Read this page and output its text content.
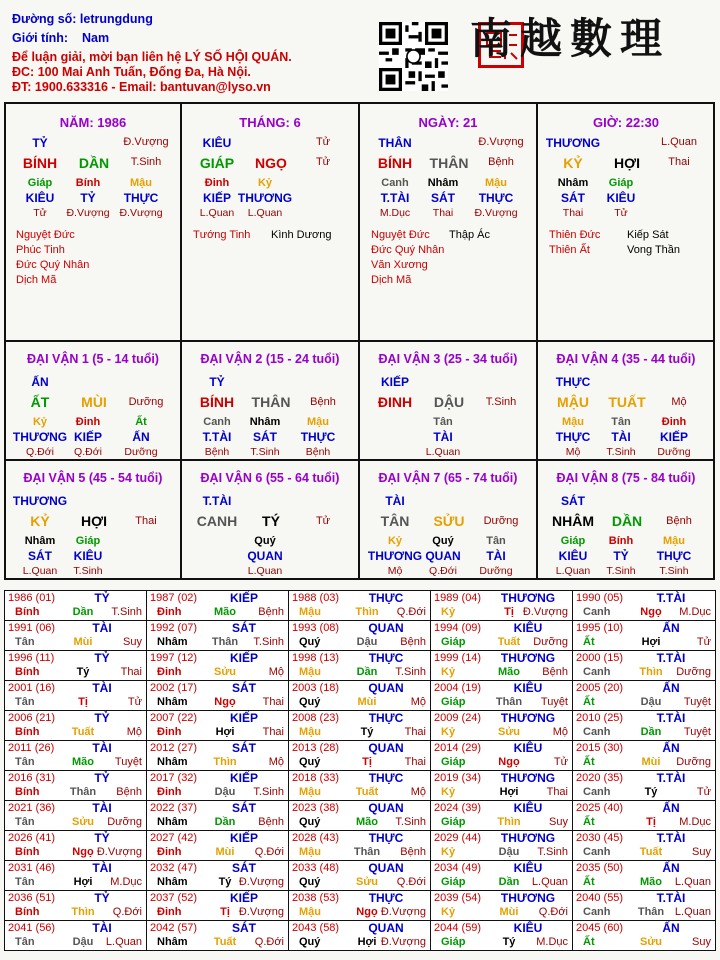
Đường số: letrungdung
Giới tính: Nam
Để luận giải, mời bạn liên hệ LÝ SỐ HỘI QUÁN.
ĐC: 100 Mai Anh Tuấn, Đống Đa, Hà Nội.
ĐT: 1900.633316 - Email: bantuvan@lyso.vn
南越數理
NĂM: 1986
TỶ	Đ.Vượng
BÍNH	DẦN	T.Sinh
Giáp	Bính	Mậu
KIÊU	TỶ	THỰC
Tử	Đ.Vượng Đ.Vượng
Nguyệt Đức
Phúc Tinh
Đức Quý Nhân
Dịch Mã
THÁNG: 6
KIÊU	Tử
GIÁP	NGỌ	Tử
Đinh	Kỷ
KIẾP THƯƠNG
L.Quan	L.Quan
Tướng Tinh Kình Dương
NGÀY: 21
THÂN	Đ.Vượng
BÍNH	THÂN	Bệnh
Canh	Nhâm	Mậu
T.TÀI	SÁT	THỰC
M.Dục	Thai	Đ.Vượng
Nguyệt Đức
Đức Quý Nhân
Văn Xương
Dịch Mã
Thập Ác
GIỜ: 22:30
THƯƠNG	L.Quan
KỶ	HỢI	Thai
Nhâm	Giáp
SÁT	KIÊU
Thai	Tử
Thiên Đức
Thiên Ất
Kiếp Sát
Vong Thần
ĐẠI VẬN 1 (5 - 14 tuổi)
ẤN
ẤT	MÙI	Dưỡng
Kỷ	Đinh	Ất
THƯƠNG KIẾP	ẤN
Q.Đới	Q.Đới	Dưỡng
ĐẠI VẬN 2 (15 - 24 tuổi)
TỶ
BÍNH	THÂN	Bệnh
Canh	Nhâm	Mậu
T.TÀI	SÁT	THỰC
Bệnh	T.Sinh	Bệnh
ĐẠI VẬN 3 (25 - 34 tuổi)
KIẾP
ĐINH	DẬU	T.Sinh
Tân
TÀI
L.Quan
ĐẠI VẬN 4 (35 - 44 tuổi)
THỰC
MẬU	TUẤT	Mộ
Mậu	Tân	Đinh
THỰC	TÀI	KIẾP
Mộ	T.Sinh	Dưỡng
ĐẠI VẬN 5 (45 - 54 tuổi)
THƯƠNG
KỶ	HỢI	Thai
Nhâm	Giáp
SÁT	KIÊU
L.Quan	T.Sinh
ĐẠI VẬN 6 (55 - 64 tuổi)
T.TÀI
CANH	TÝ	Tử
Quý
QUAN
L.Quan
ĐẠI VẬN 7 (65 - 74 tuổi)
TÀI
TÂN	SỬU	Dưỡng
Kỷ	Quý	Tân
THƯƠNG QUAN	TÀI
Mộ	Q.Đới	Dưỡng
ĐẠI VẬN 8 (75 - 84 tuổi)
SÁT
NHÂM	DẦN	Bệnh
Giáp	Bính	Mậu
KIÊU	TỶ	THỰC
L.Quan	T.Sinh	T.Sinh
1986 (01)	TỶ
Bính	Dần	T.Sinh
1987 (02)	KIẾP
Đinh	Mão	Bệnh
1988 (03)	THỰC
Mậu	Thìn	Q.Đới
1989 (04)	THƯƠNG
Kỷ	Tị Đ.Vượng
1990 (05)	T.TÀI
Canh	Ngọ	M.Dục
1991 (06)	TÀI
Tân	Mùi	Suy
1992 (07)	SÁT
Nhâm	Thân	T.Sinh
1993 (08)	QUAN
Quý	Dậu	Bệnh
1994 (09)	KIÊU
Giáp	Tuất	Dưỡng
1995 (10)	ẤN
Ất	Hợi	Tử
1996 (11)	TỶ
Bính	Tý	Thai
1997 (12)	KIẾP
Đinh	Sửu	Mộ
1998 (13)	THỰC
Mậu	Dần	T.Sinh
1999 (14)	THƯƠNG
Kỷ	Mão	Bệnh
2000 (15)	T.TÀI
Canh	Thìn	Dưỡng
2001 (16)	TÀI
Tân	Tị	Tử
2002 (17)	SÁT
Nhâm	Ngọ	Thai
2003 (18)	QUAN
Quý	Mùi	Mộ
2004 (19)	KIÊU
Giáp	Thân	Tuyệt
2005 (20)	ẤN
Ất	Dậu	Tuyệt
2006 (21)	TỶ
Bính	Tuất	Mộ
2007 (22)	KIẾP
Đinh	Hợi	Thai
2008 (23)	THỰC
Mậu	Tý	Thai
2009 (24)	THƯƠNG
Kỷ	Sửu	Mộ
2010 (25)	T.TÀI
Canh	Dần	Tuyệt
2011 (26)	TÀI
Tân	Mão	Tuyệt
2012 (27)	SÁT
Nhâm	Thìn	Mộ
2013 (28)	QUAN
Quý	Tị	Thai
2014 (29)	KIÊU
Giáp	Ngọ	Tử
2015 (30)	ẤN
Ất	Mùi	Dưỡng
2016 (31)	TỶ
Bính	Thân	Bệnh
2017 (32)	KIẾP
Đinh	Dậu	T.Sinh
2018 (33)	THỰC
Mậu	Tuất	Mộ
2019 (34)	THƯƠNG
Kỷ	Hợi	Thai
2020 (35)	T.TÀI
Canh	Tý	Tử
2021 (36)	TÀI
Tân	Sửu	Dưỡng
2022 (37)	SÁT
Nhâm	Dần	Bệnh
2023 (38)	QUAN
Quý	Mão	T.Sinh
2024 (39)	KIÊU
Giáp	Thìn	Suy
2025 (40)	ẤN
Ất	Tị	M.Dục
2026 (41)	TỶ
Bính	Ngọ Đ.Vượng
2027 (42)	KIẾP
Đinh	Mùi	Q.Đới
2028 (43)	THỰC
Mậu	Thân	Bệnh
2029 (44)	THƯƠNG
Kỷ	Dậu	T.Sinh
2030 (45)	T.TÀI
Canh	Tuất	Suy
2031 (46)	TÀI
Tân	Hợi	M.Dục
2032 (47)	SÁT
Nhâm	Tý Đ.Vượng
2033 (48)	QUAN
Quý	Sửu	Q.Đới
2034 (49)	KIÊU
Giáp	Dần	L.Quan
2035 (50)	ẤN
Ất	Mão	L.Quan
2036 (51)	TỶ
Bính	Thìn	Q.Đới
2037 (52)	KIẾP
Đinh	Tị Đ.Vượng
2038 (53)	THỰC
Mậu	Ngọ Đ.Vượng
2039 (54)	THƯƠNG
Kỷ	Mùi	Q.Đới
2040 (55)	T.TÀI
Canh	Thân L.Quan
2041 (56)	TÀI
Tân	Dậu	L.Quan
2042 (57)	SÁT
Nhâm	Tuất	Q.Đới
2043 (58)	QUAN
Quý	Hợi Đ.Vượng
2044 (59)	KIÊU
Giáp	Tý	M.Dục
2045 (60)	ẤN
Ất	Sửu	Suy
